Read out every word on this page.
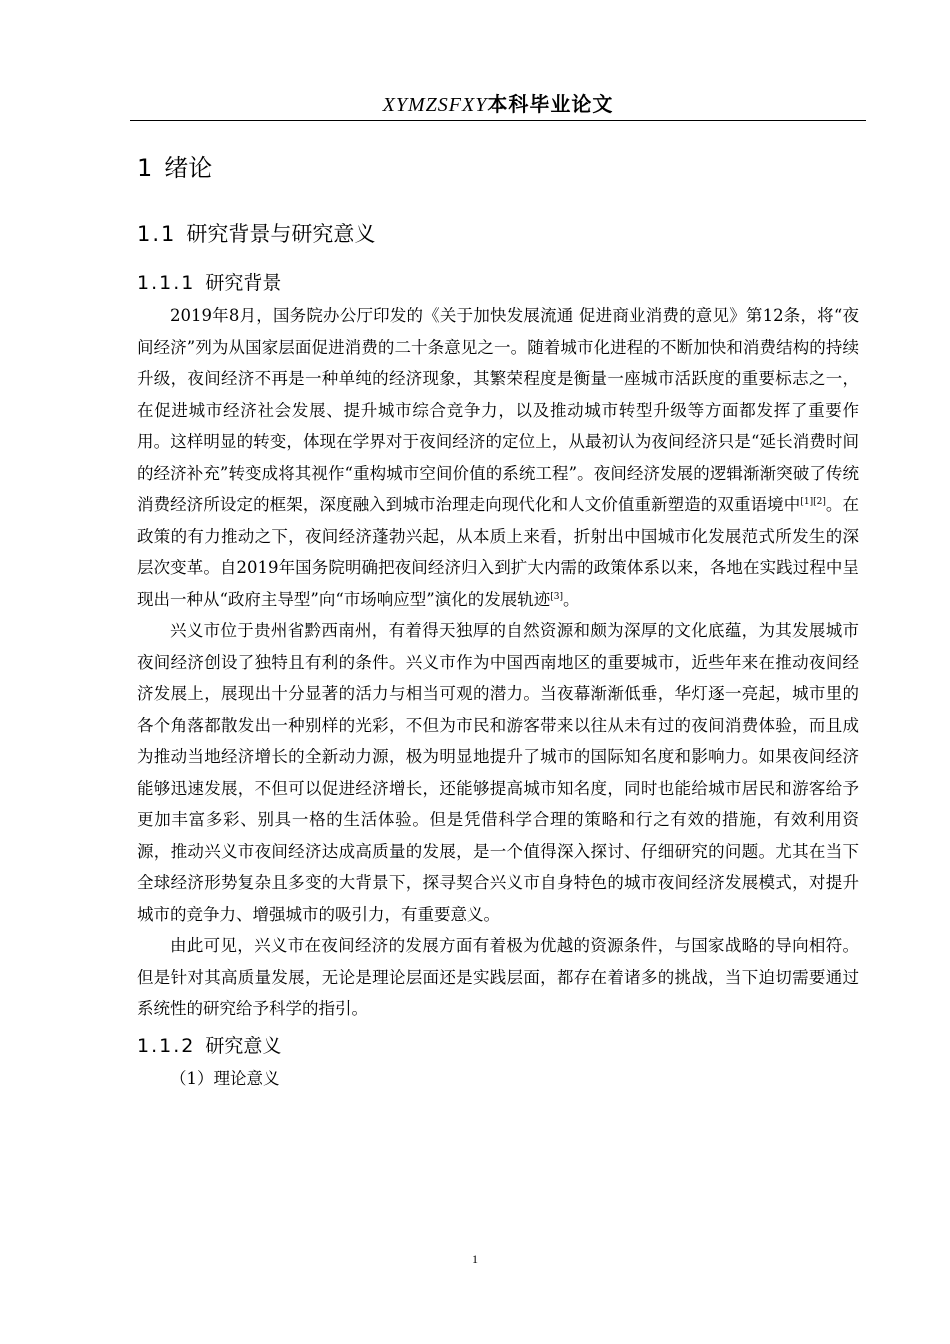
XYMZSFXY本科毕业论文
1 绪论
1.1 研究背景与研究意义
1.1.1 研究背景

2019年8月，国务院办公厅印发的《关于加快发展流通 促进商业消费的意见》第12条，将“夜间经济”列为从国家层面促进消费的二十条意见之一。随着城市化进程的不断加快和消费结构的持续升级，夜间经济不再是一种单纯的经济现象，其繁荣程度是衡量一座城市活跃度的重要标志之一，在促进城市经济社会发展、提升城市综合竞争力，以及推动城市转型升级等方面都发挥了重要作用。这样明显的转变，体现在学界对于夜间经济的定位上，从最初认为夜间经济只是“延长消费时间的经济补充”转变成将其视作“重构城市空间价值的系统工程”。夜间经济发展的逻辑渐渐突破了传统消费经济所设定的框架，深度融入到城市治理走向现代化和人文价值重新塑造的双重语境中[1][2]。在政策的有力推动之下，夜间经济蓬勃兴起，从本质上来看，折射出中国城市化发展范式所发生的深层次变革。自2019年国务院明确把夜间经济归入到扩大内需的政策体系以来，各地在实践过程中呈现出一种从“政府主导型”向“市场响应型”演化的发展轨迹[3]。

兴义市位于贵州省黔西南州，有着得天独厚的自然资源和颇为深厚的文化底蕴，为其发展城市夜间经济创设了独特且有利的条件。兴义市作为中国西南地区的重要城市，近些年来在推动夜间经济发展上，展现出十分显著的活力与相当可观的潜力。当夜幕渐渐低垂，华灯逐一亮起，城市里的各个角落都散发出一种别样的光彩，不但为市民和游客带来以往从未有过的夜间消费体验，而且成为推动当地经济增长的全新动力源，极为明显地提升了城市的国际知名度和影响力。如果夜间经济能够迅速发展，不但可以促进经济增长，还能够提高城市知名度，同时也能给城市居民和游客给予更加丰富多彩、别具一格的生活体验。但是凭借科学合理的策略和行之有效的措施，有效利用资源，推动兴义市夜间经济达成高质量的发展，是一个值得深入探讨、仔细研究的问题。尤其在当下全球经济形势复杂且多变的大背景下，探寻契合兴义市自身特色的城市夜间经济发展模式，对提升城市的竞争力、增强城市的吸引力，有重要意义。

由此可见，兴义市在夜间经济的发展方面有着极为优越的资源条件，与国家战略的导向相符。但是针对其高质量发展，无论是理论层面还是实践层面，都存在着诸多的挑战，当下迫切需要通过系统性的研究给予科学的指引。

1.1.2 研究意义

（1）理论意义

1
